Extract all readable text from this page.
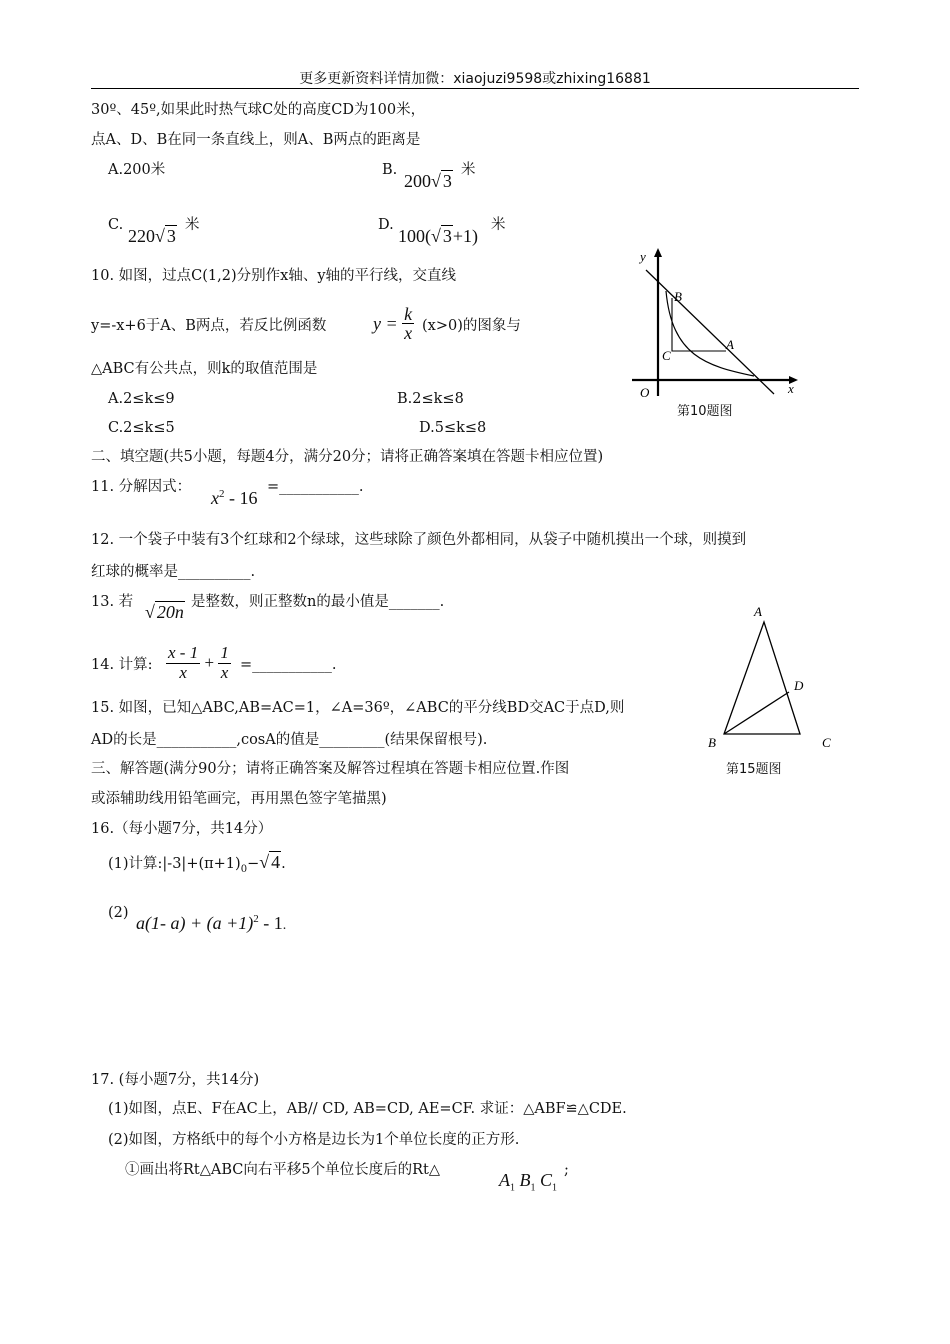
更多更新资料详情加微：xiaojuzi9598或zhixing16881
30º、45º,如果此时热气球C处的高度CD为100米，
点A、D、B在同一条直线上，则A、B两点的距离是
A.200米	B.
200√ 3
米
C.
220√ 3
米	D.
100(√ 3+1)
米
10. 如图，过点C(1,2)分别作x轴、y轴的平行线，交直线
y=-x+6于A、B两点，若反比例函数	$y = \frac{k}{x} (x>0)$的图象与
△ABC有公共点，则k的取值范围是
A.2≤k≤9	B.2≤k≤8
C.2≤k≤5	D.5≤k≤8
y
x
O
B
C
A
第10题图
二、填空题(共5小题，每题4分，满分20分；请将正确答案填在答题卡相应位置)
11. 分解因式：
$x^2 - 16$
=___________.
12. 一个袋子中装有3个红球和2个绿球，这些球除了颜色外都相同，从袋子中随机摸出一个球，则摸到
红球的概率是__________.
13. 若 √ 20n 是整数，则正整数n的最小值是_______.
14. 计算: $\frac{x - 1}{x} + \frac{1}{x}$ =___________.
15. 如图，已知△ABC,AB=AC=1，∠A=36º，∠ABC的平分线BD交AC于点D,则
AD的长是___________,cosA的值是_________(结果保留根号).
A
B	C
D
第15题图
三、解答题(满分90分；请将正确答案及解答过程填在答题卡相应位置.作图
或添辅助线用铅笔画完，再用黑色签字笔描黑)
16.（每小题7分，共14分）
(1)计算$:|-3|+(\pi+1)_0-√$ 4.
(2) a(1- $a) + (a +1)^2 - 1$.
17. (每小题7分，共14分)
(1)如图，点E、F在AC上，AB// CD, AB=CD, AE=CF. 求证：△ABF≌△CDE.
(2)如图，方格纸中的每个小方格是边长为1个单位长度的正方形.
①画出将Rt△ABC向右平移5个单位长度后的Rt△	$A_1$ $B_1$ $C_1$
;
